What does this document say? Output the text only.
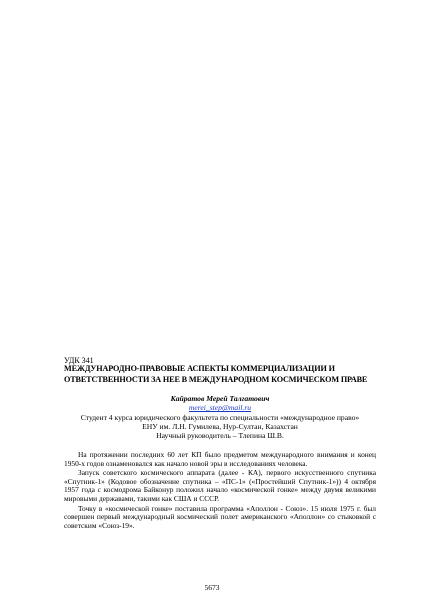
УДК 341
МЕЖДУНАРОДНО-ПРАВОВЫЕ АСПЕКТЫ КОММЕРЦИАЛИЗАЦИИ И
ОТВЕТСТВЕННОСТИ ЗА НЕЕ В МЕЖДУНАРОДНОМ КОСМИЧЕСКОМ ПРАВЕ
Кайратов Мерей Талгатович
merei_step@mail.ru
Студент 4 курса юридического факультета по специальности «международное право»
ЕНУ им. Л.Н. Гумилева, Нур-Султан, Казахстан
Научный руководитель – Тлепина Ш.В.

На протяжении последних 60 лет КП было предметом международного внимания и конец 1950-х годов ознаменовался как начало новой эры в исследованиях человека.

Запуск советского космического аппарата (далее - КА), первого искусственного спутника «Спутник-1» (Кодовое обозначение спутника – «ПС-1» («Простейший Спутник-1»)) 4 октября 1957 года с космодрома Байконур положил начало «космической гонке» между двумя великими мировыми державами, такими как США и СССР.

Точку в «космической гонке» поставила программа «Аполлон - Союз». 15 июля 1975 г. был совершен первый международный космический полет американского «Аполлон» со стыковкой с советским «Союз-19».

5673
